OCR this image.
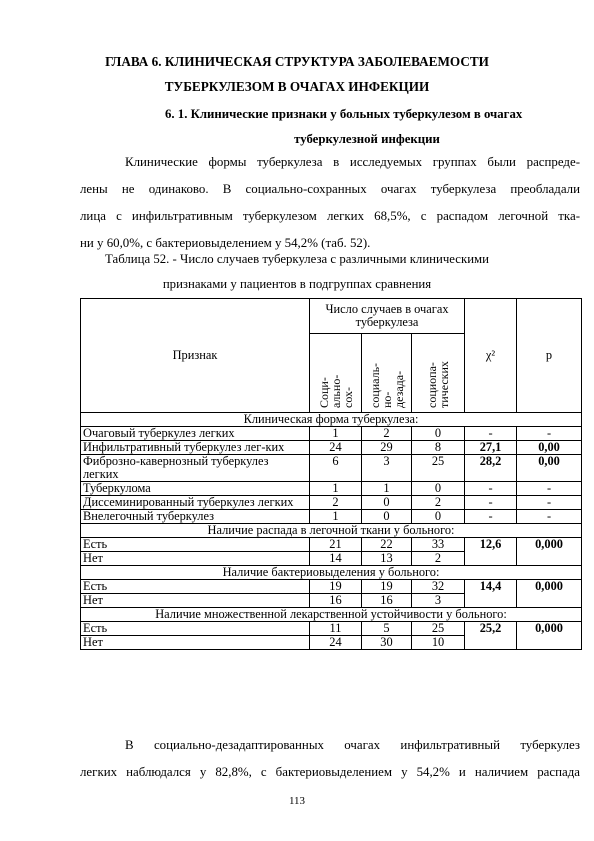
ГЛАВА 6. КЛИНИЧЕСКАЯ СТРУКТУРА ЗАБОЛЕВАЕМОСТИ
ТУБЕРКУЛЕЗОМ В ОЧАГАХ ИНФЕКЦИИ
6. 1. Клинические признаки у больных туберкулезом в очагах
туберкулезной инфекции
Клинические формы туберкулеза в исследуемых группах были распреде-
лены не одинаково. В социально-сохранных очагах туберкулеза преобладали
лица с инфильтративным туберкулезом легких 68,5%, с распадом легочной тка-
ни у 60,0%, с бактериовыделением у 54,2% (таб. 52).
Таблица 52. - Число случаев туберкулеза с различными клиническими
признаками у пациентов в подгруппах сравнения
Признак	Число случаев в очагах туберкулеза			χ²	р

	Соци-
ально-
сох-	социаль-
но-
дезада-	социопа-
тических		

Клиническая форма туберкулеза:					
Очаговый туберкулез легких	1	2	0	-	-
Инфильтративный туберкулез лег-ких	24	29	8	27,1	0,00
Фиброзно-кавернозный туберкулез легких	6	3	25	28,2	0,00
Туберкулома	1	1	0	-	-
Диссеминированный туберкулез легких	2	0	2	-	-
Внелегочный туберкулез	1	0	0	-	-
Наличие распада в легочной ткани у больного:					
Есть	21	22	33	12,6	0,000
Нет	14	13	2		
Наличие бактериовыделения у больного:					
Есть	19	19	32	14,4	0,000
Нет	16	16	3		
Наличие множественной лекарственной устойчивости у больного:					
Есть	11	5	25	25,2	0,000
Нет	24	30	10		
В социально-дезадаптированных очагах инфильтративный туберкулез
легких наблюдался у 82,8%, с бактериовыделением у 54,2% и наличием распада
113
